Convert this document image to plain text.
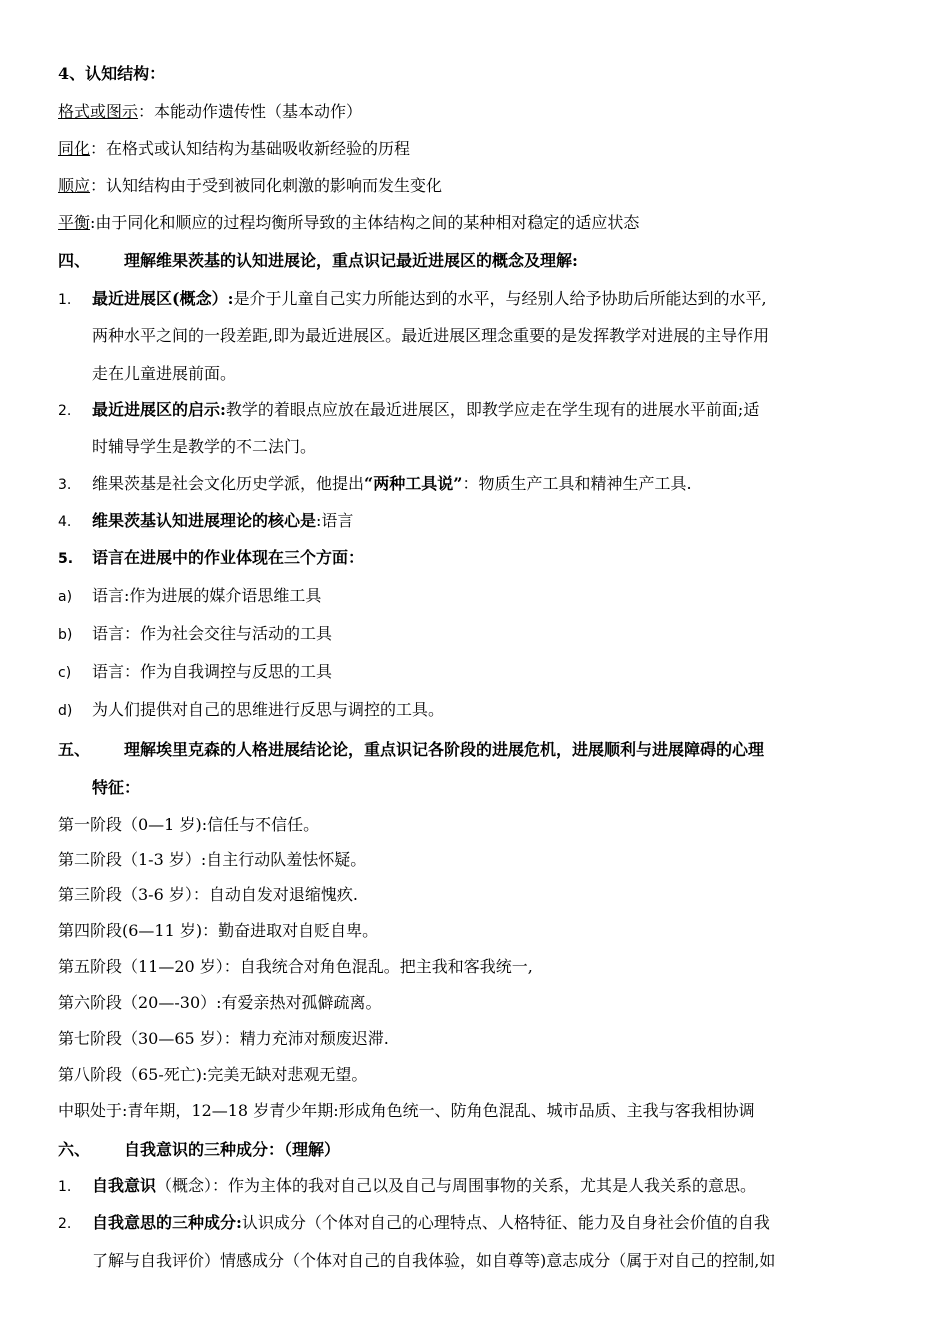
4、认知结构：
格式或图示：本能动作遗传性（基本动作）
同化：在格式或认知结构为基础吸收新经验的历程
顺应：认知结构由于受到被同化刺激的影响而发生变化
平衡:由于同化和顺应的过程均衡所导致的主体结构之间的某种相对稳定的适应状态
四、 理解维果茨基的认知进展论，重点识记最近进展区的概念及理解:
1.	最近进展区(概念）:是介于儿童自己实力所能达到的水平，与经别人给予协助后所能达到的水平,
两种水平之间的一段差距,即为最近进展区。最近进展区理念重要的是发挥教学对进展的主导作用
走在儿童进展前面。
2.	最近进展区的启示:教学的着眼点应放在最近进展区，即教学应走在学生现有的进展水平前面;适
时辅导学生是教学的不二法门。
3.	维果茨基是社会文化历史学派，他提出“两种工具说”：物质生产工具和精神生产工具.
4.	维果茨基认知进展理论的核心是:语言
5.	语言在进展中的作业体现在三个方面：
a)	语言:作为进展的媒介语思维工具
b)	语言：作为社会交往与活动的工具
c)	语言：作为自我调控与反思的工具
d)	为人们提供对自己的思维进行反思与调控的工具。
五、 理解埃里克森的人格进展结论论，重点识记各阶段的进展危机，进展顺利与进展障碍的心理
特征：
第一阶段（0—1 岁):信任与不信任。
第二阶段（1-3 岁）:自主行动队羞怯怀疑。
第三阶段（3-6 岁）：自动自发对退缩愧疚.
第四阶段(6—11 岁)：勤奋进取对自贬自卑。
第五阶段（11—20 岁）：自我统合对角色混乱。把主我和客我统一,
第六阶段（20—-30）:有爱亲热对孤僻疏离。
第七阶段（30—65 岁）：精力充沛对颓废迟滞.
第八阶段（65-死亡):完美无缺对悲观无望。
中职处于:青年期，12—18 岁青少年期:形成角色统一、防角色混乱、城市品质、主我与客我相协调
六、 自我意识的三种成分：（理解）
1.	自我意识（概念）：作为主体的我对自己以及自己与周围事物的关系，尤其是人我关系的意思。
2.	自我意思的三种成分:认识成分（个体对自己的心理特点、人格特征、能力及自身社会价值的自我
了解与自我评价）情感成分（个体对自己的自我体验，如自尊等)意志成分（属于对自己的控制,如
